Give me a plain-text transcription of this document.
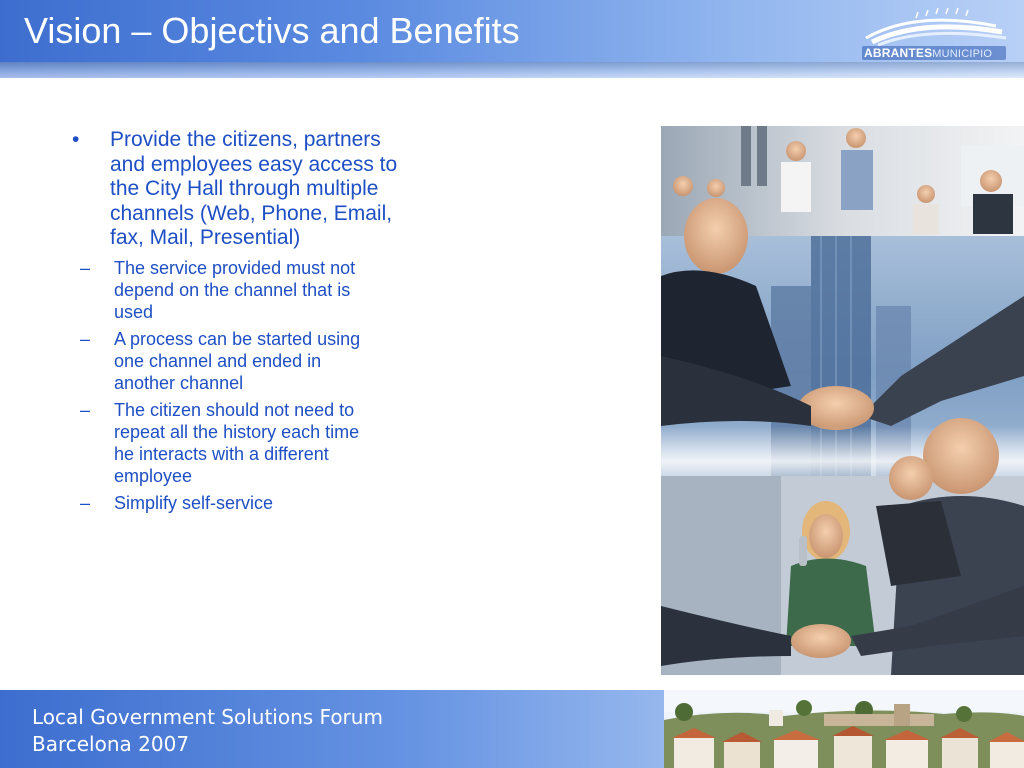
Vision – Objectivs and Benefits
ABRANTESMUNICIPIO
• Provide the citizens, partners and employees easy access to the City Hall through multiple channels (Web, Phone, Email, fax, Mail, Presential)
– The service provided must not depend on the channel that is used
– A process can be started using one channel and ended in another channel
– The citizen should not need to repeat all the history each time he interacts with a different employee
– Simplify self-service
Local Government Solutions Forum
Barcelona 2007
